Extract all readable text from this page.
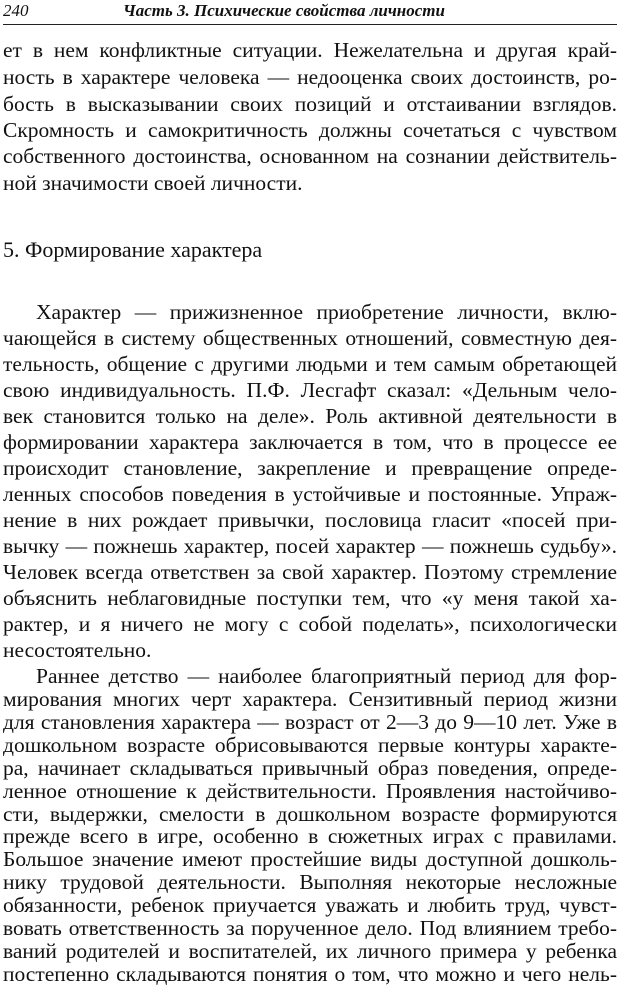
240	Часть 3. Психические свойства личности
ет в нем конфликтные ситуации. Нежелательна и другая край-
ность в характере человека — недооценка своих достоинств, ро-
бость в высказывании своих позиций и отстаивании взглядов.
Скромность и самокритичность должны сочетаться с чувством
собственного достоинства, основанном на сознании действитель-
ной значимости своей личности.
5. Формирование характера
Характер — прижизненное приобретение личности, вклю-
чающейся в систему общественных отношений, совместную дея-
тельность, общение с другими людьми и тем самым обретающей
свою индивидуальность. П.Ф. Лесгафт сказал: «Дельным чело-
век становится только на деле». Роль активной деятельности в
формировании характера заключается в том, что в процессе ее
происходит становление, закрепление и превращение опреде-
ленных способов поведения в устойчивые и постоянные. Упраж-
нение в них рождает привычки, пословица гласит «посей при-
вычку — пожнешь характер, посей характер — пожнешь судьбу».
Человек всегда ответствен за свой характер. Поэтому стремление
объяснить неблаговидные поступки тем, что «у меня такой ха-
рактер, и я ничего не могу с собой поделать», психологически
несостоятельно.
Раннее детство — наиболее благоприятный период для фор-
мирования многих черт характера. Сензитивный период жизни
для становления характера — возраст от 2—3 до 9—10 лет. Уже в
дошкольном возрасте обрисовываются первые контуры характе-
ра, начинает складываться привычный образ поведения, опреде-
ленное отношение к действительности. Проявления настойчиво-
сти, выдержки, смелости в дошкольном возрасте формируются
прежде всего в игре, особенно в сюжетных играх с правилами.
Большое значение имеют простейшие виды доступной дошколь-
нику трудовой деятельности. Выполняя некоторые несложные
обязанности, ребенок приучается уважать и любить труд, чувст-
вовать ответственность за порученное дело. Под влиянием требо-
ваний родителей и воспитателей, их личного примера у ребенка
постепенно складываются понятия о том, что можно и чего нель-
